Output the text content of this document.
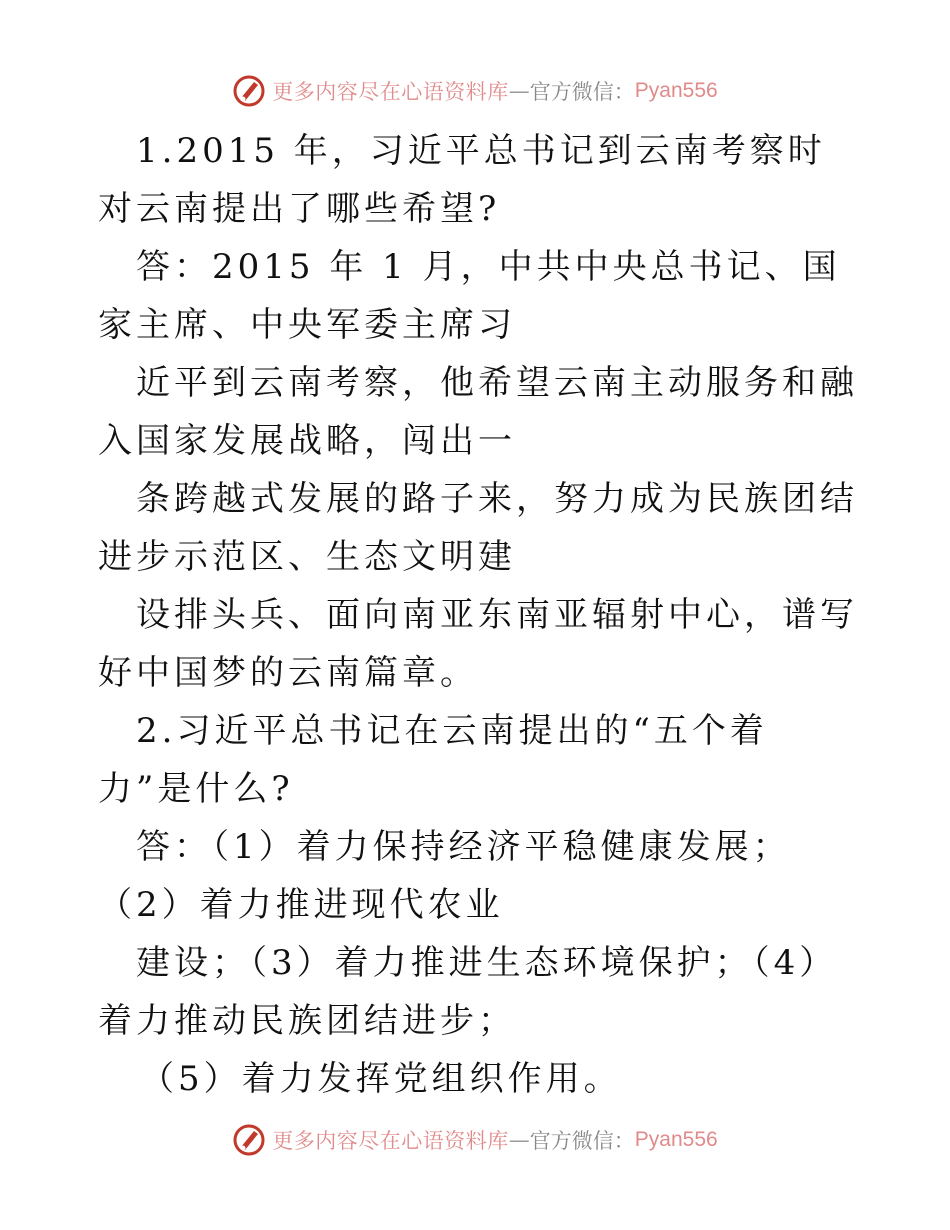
更多内容尽在心语资料库 — 官方微信： Pyan556

1.2015 年，习近平总书记到云南考察时对云南提出了哪些希望?

答：2015 年 1 月，中共中央总书记、国家主席、中央军委主席习

近平到云南考察，他希望云南主动服务和融入国家发展战略，闯出一

条跨越式发展的路子来，努力成为民族团结进步示范区、生态文明建

设排头兵、面向南亚东南亚辐射中心，谱写好中国梦的云南篇章。

2.习近平总书记在云南提出的“五个着力”是什么?

答：（1）着力保持经济平稳健康发展；（2）着力推进现代农业

建设；（3）着力推进生态环境保护；（4）着力推动民族团结进步；

（5）着力发挥党组织作用。

更多内容尽在心语资料库 — 官方微信： Pyan556
